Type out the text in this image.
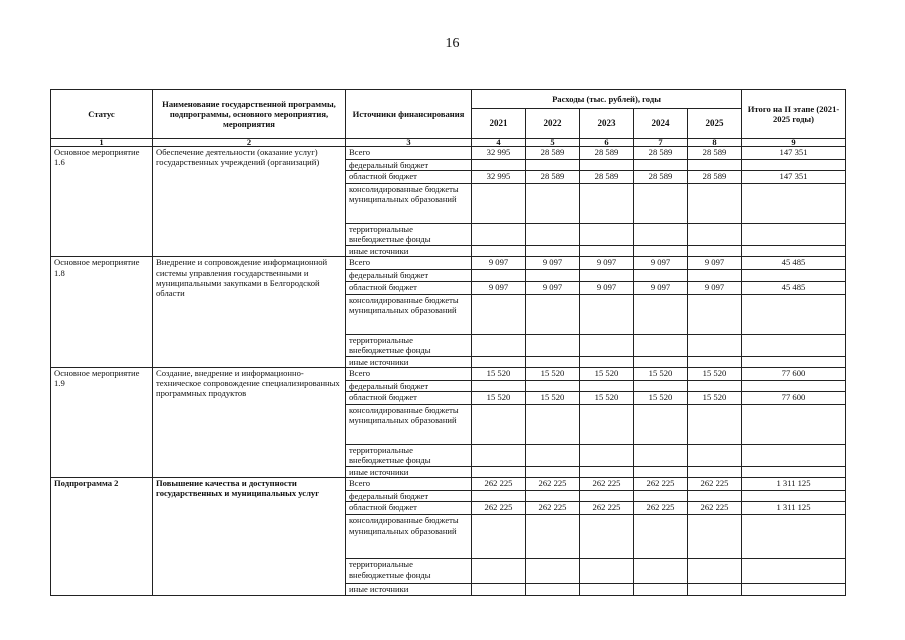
16
Статус	Наименование государственной программы, подпрограммы, основного мероприятия, мероприятия	Источники финансирования	Расходы (тыс. рублей), годы					Итого на II этапе (2021-2025 годы)
			2021	2022	2023	2024	2025	
1	2	3	4	5	6	7	8	9
Основное мероприятие 1.6	Обеспечение деятельности (оказание услуг) государственных учреждений (организаций)	Всего	32 995	28 589	28 589	28 589	28 589	147 351
		федеральный бюджет						
		областной бюджет	32 995	28 589	28 589	28 589	28 589	147 351
		консолидированные бюджеты муниципальных образований						
		территориальные внебюджетные фонды						
		иные источники						
Основное мероприятие 1.8	Внедрение и сопровождение информационной системы управления государственными и муниципальными закупками в Белгородской области	Всего	9 097	9 097	9 097	9 097	9 097	45 485
		федеральный бюджет						
		областной бюджет	9 097	9 097	9 097	9 097	9 097	45 485
		консолидированные бюджеты муниципальных образований						
		территориальные внебюджетные фонды						
		иные источники						
Основное мероприятие 1.9	Создание, внедрение и информационно-техническое сопровождение специализированных программных продуктов	Всего	15 520	15 520	15 520	15 520	15 520	77 600
		федеральный бюджет						
		областной бюджет	15 520	15 520	15 520	15 520	15 520	77 600
		консолидированные бюджеты муниципальных образований						
		территориальные внебюджетные фонды						
		иные источники						
Подпрограмма 2	Повышение качества и доступности государственных и муниципальных услуг	Всего	262 225	262 225	262 225	262 225	262 225	1 311 125
		федеральный бюджет						
		областной бюджет	262 225	262 225	262 225	262 225	262 225	1 311 125
		консолидированные бюджеты муниципальных образований						
		территориальные внебюджетные фонды						
		иные источники						
